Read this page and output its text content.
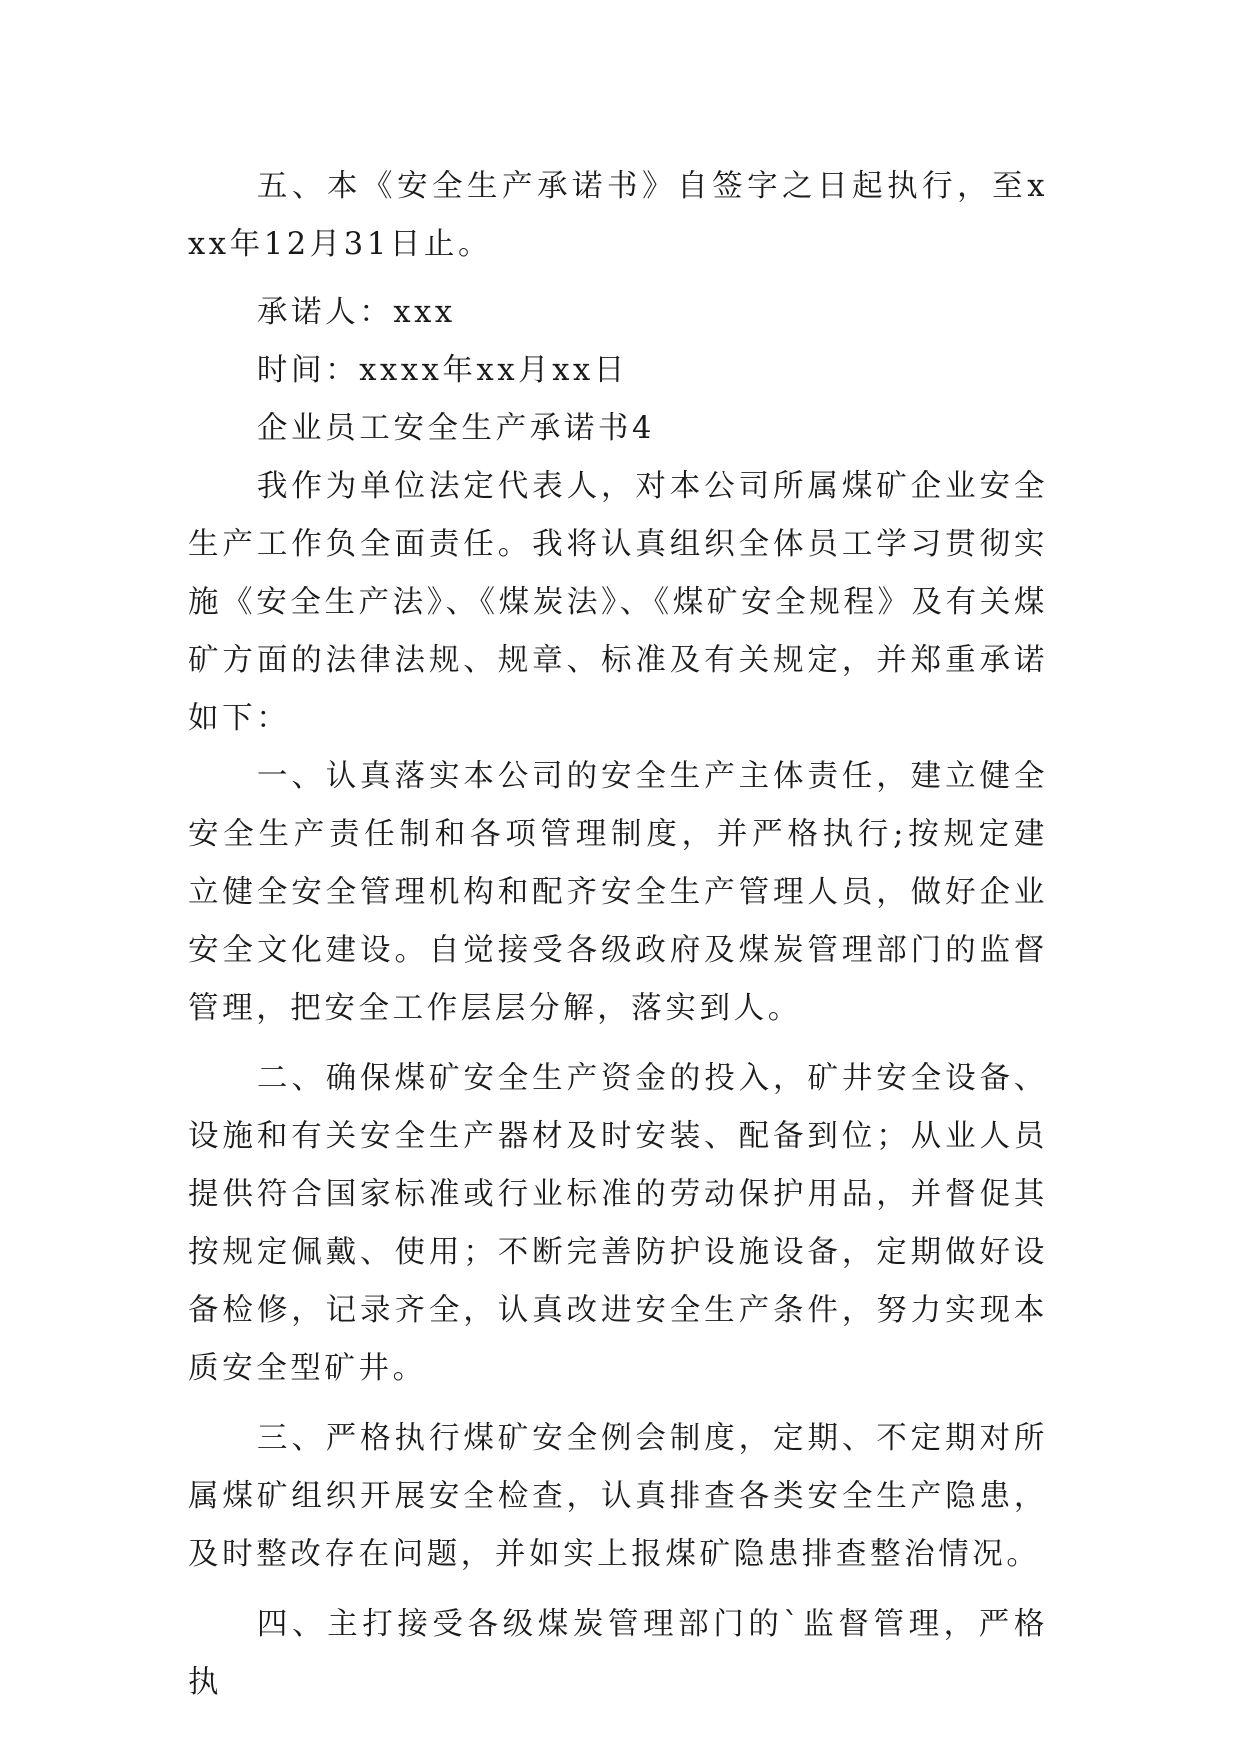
五、本《安全生产承诺书》自签字之日起执行，至xxx年12月31日止。

承诺人：xxx

时间：xxxx年xx月xx日

企业员工安全生产承诺书4

我作为单位法定代表人，对本公司所属煤矿企业安全生产工作负全面责任。我将认真组织全体员工学习贯彻实施《安全生产法》、《煤炭法》、《煤矿安全规程》及有关煤矿方面的法律法规、规章、标准及有关规定，并郑重承诺如下：

一、认真落实本公司的安全生产主体责任，建立健全安全生产责任制和各项管理制度，并严格执行;按规定建立健全安全管理机构和配齐安全生产管理人员，做好企业安全文化建设。自觉接受各级政府及煤炭管理部门的监督管理，把安全工作层层分解，落实到人。

二、确保煤矿安全生产资金的投入，矿井安全设备、设施和有关安全生产器材及时安装、配备到位；从业人员提供符合国家标准或行业标准的劳动保护用品，并督促其按规定佩戴、使用；不断完善防护设施设备，定期做好设备检修，记录齐全，认真改进安全生产条件，努力实现本质安全型矿井。

三、严格执行煤矿安全例会制度，定期、不定期对所属煤矿组织开展安全检查，认真排查各类安全生产隐患，及时整改存在问题，并如实上报煤矿隐患排查整治情况。

四、主打接受各级煤炭管理部门的`监督管理，严格执
